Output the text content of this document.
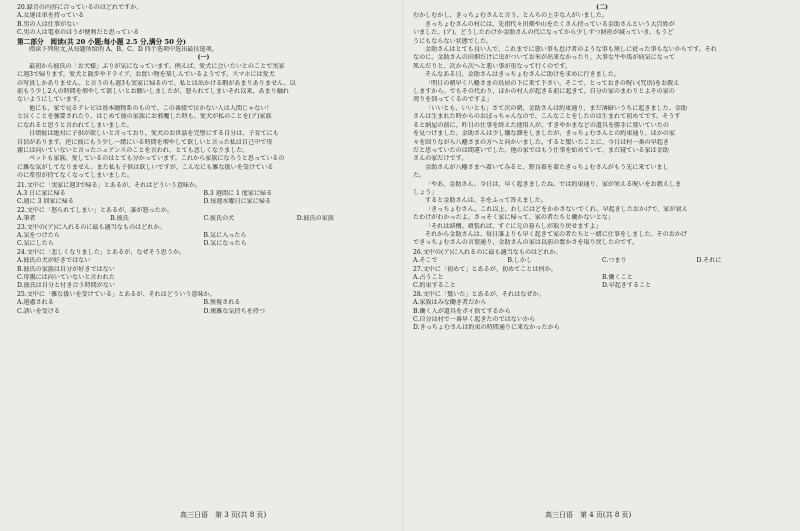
20.録音の内容に合っているのはどれですか。

A.女達は車を持っている

B.男の人は仕事がない

C.男の人は電車のほうが便利だと思っている

第二部分　阅读(共 20 小题;每小题 2.5 分,满分 50 分)

阅读下列短文,从每题所给的 A、B、C、D 四个选项中选出最佳选项。

(一)

最初から彼氏の「お犬様」ぶりが気になっています。例えば、愛犬に会いたいとのことで実家

に週3で帰ります。愛犬と散歩やドライブ、お買い物を楽しんでいるようです。スマホには愛犬

の写真しかありません。と言うのも週3も実家に帰るので、私とは出かける暇があまりありません。以

前もう少し2人の時間を増やして欲しいとお願いしましたが、怒られてしまいそれ以来、あまり触れ

ないようにしています。

他にも、家で見るテレビは基本動物系のもので、この番組で泣かない人は人間じゃない！

と泣くことを強要されたり、はじめて彼の家族にお邪魔した時も、愛犬が私のことを(ア)家族

になれると思うと言われてしまいました。

日頃彼は絶対に子供が欲しいと言っており、愛犬のお世話を完璧にする自分は、子育てにも

自信があります。逆に彼にもう少し一緒にいる時間を増やして欲しいと言った私は自己中で母

親には向いていないと言ったニュアンスのことを言われ、とても悲しくなりました。

ペットも家族、愛しているのはとても分かっています。これから家族になろうと思っているの

に雑な気がしてなりません。また私も子供は欲しいですが、こんなにも雑な扱いを受けている

のに希望が持てなくなってしまいました。

21.文中に「実家に週3で帰る」とあるが、それはどういう意味か。

A.3 日に家に帰る	B.3 週間に 1 度家に帰る

C.週に 3 回家に帰る	D.毎週水曜日に家に帰る

22.文中に「怒られてしまい」とあるが、誰が怒ったか。

A.筆者	B.彼氏	C.彼氏の犬	D.彼氏の家族

23.文中の(ア)に入れるのに最も適当なものはどれか。

A.気をつけたら	B.気に入ったら

C.気にしたら	D.気になったら

24.文中に「悲しくなりました」とあるが、なぜそう思うか。

A.彼氏の犬が好きではない

B.彼氏の家族は自分が好きではない

C.母親には向いていないと言われた

D.彼氏は自分と付き合う時間がない

25.文中に「雑な扱いを受けている」とあるが、それはどういう意味か。

A.遠慮される	B.無視される

C.誘いを受ける	D.複雑な気持ちを持つ

高三日语　第 3 页(共 8 页)

(二)

むかしむかし、きっちょむさんと言う、とんちの上手な人がいました。

きっちょむさんの村には、先祖代々田畑や山をたくさん持っている金助さんという大百姓が

いました。(ア)、どうしたわけか金助さんの代になってから少しずつ財産が減っていき、もうど

うにもならない状態でした。

金助さんはとても良い人で、これまでに悪い事も怠け者のような事も無しに従った事もないからです。それ

なのに、金助さんの田畑だけに虫がついてお米が出来なかったり、大事な牛や馬が病気になって

死んだりと、次から次へと悪い事が重なって行くのです。

そんなある日、金助さんはきっちょむさんに助けを求めに行きました。

「明日の朝早く八幡さまの鳥居の下に来て下さい。そこで、とっておきの呪い(咒语)をお教え

しますから。でもその代わり、ほかの村人が起きる前に起きて、自分の家のまわりとよその家の

周りを回ってくるのですよ」

「いいとも、いいとも」さて次の朝、金助さんは約束通り、まだ薄暗いうちに起きました。金助

さんは生まれた時からのおぼっちゃんなので、こんなことをしたのは生まれて初めてです。そうす

ると納屋の前に、昨日の仕事を終えた使用人が、すきやかまなどの道具を勝手に置いていたの

を見つけました。金助さんは少し嫌な顔をしましたが、きっちょむさんとの約束通り、ほかの家

々を回りながら八幡さまの方へと向かいました。すると驚いたことに、今日は村一番の早起き

だと思っていたのは間違いでした。他の家ではもう仕事を始めていて、まだ寝ている家は金助

さんの家だけです。

金助さんが八幡さまへ着いてみると、野良着を着たきっちょむさんがもう先に来ていまし

た。

「やあ、金助さん。今日は、早く起きましたね。では約束通り、家が栄える呪いをお教えしま

しょう」

すると金助さんは、手をふって答えました。

「きっちょむさん、これ以上、わしにはどをかかさないでくれ。早起きしたおかげで、家が衰え

たわけがわかったよ。さっそく家に帰って、家の者たちと働かないとな」

「それは結構。頑張れば、すぐに元の暮らしが取り戻せますよ」

それから金助さんは、毎日誰よりも早く起きて家の者たちと一緒に仕事をしました。そのおかげ

できっちょむさんの言葉通り、金助さんの家は以前の豊かさを取り戻したのです。

26.文中の(ア)に入れるのに最も適当なものはどれか。

A.そこで	B.しかし	C.つまり	D.それに

27.文中に「初めて」とあるが、初めてことは何か。

A.占うこと	B.働くこと

C.約束すること	D.早起きすること

28.文中に「驚いた」とあるが、それはなぜか。

A.家族はみな働き者だから

B.働く人が道具をポイ捨てするから

C.自分は村で一番早く起きたのではないから

D.きっちょむさんは約束の時間通りに来なかったから

高三日语　第 4 页(共 8 页)
